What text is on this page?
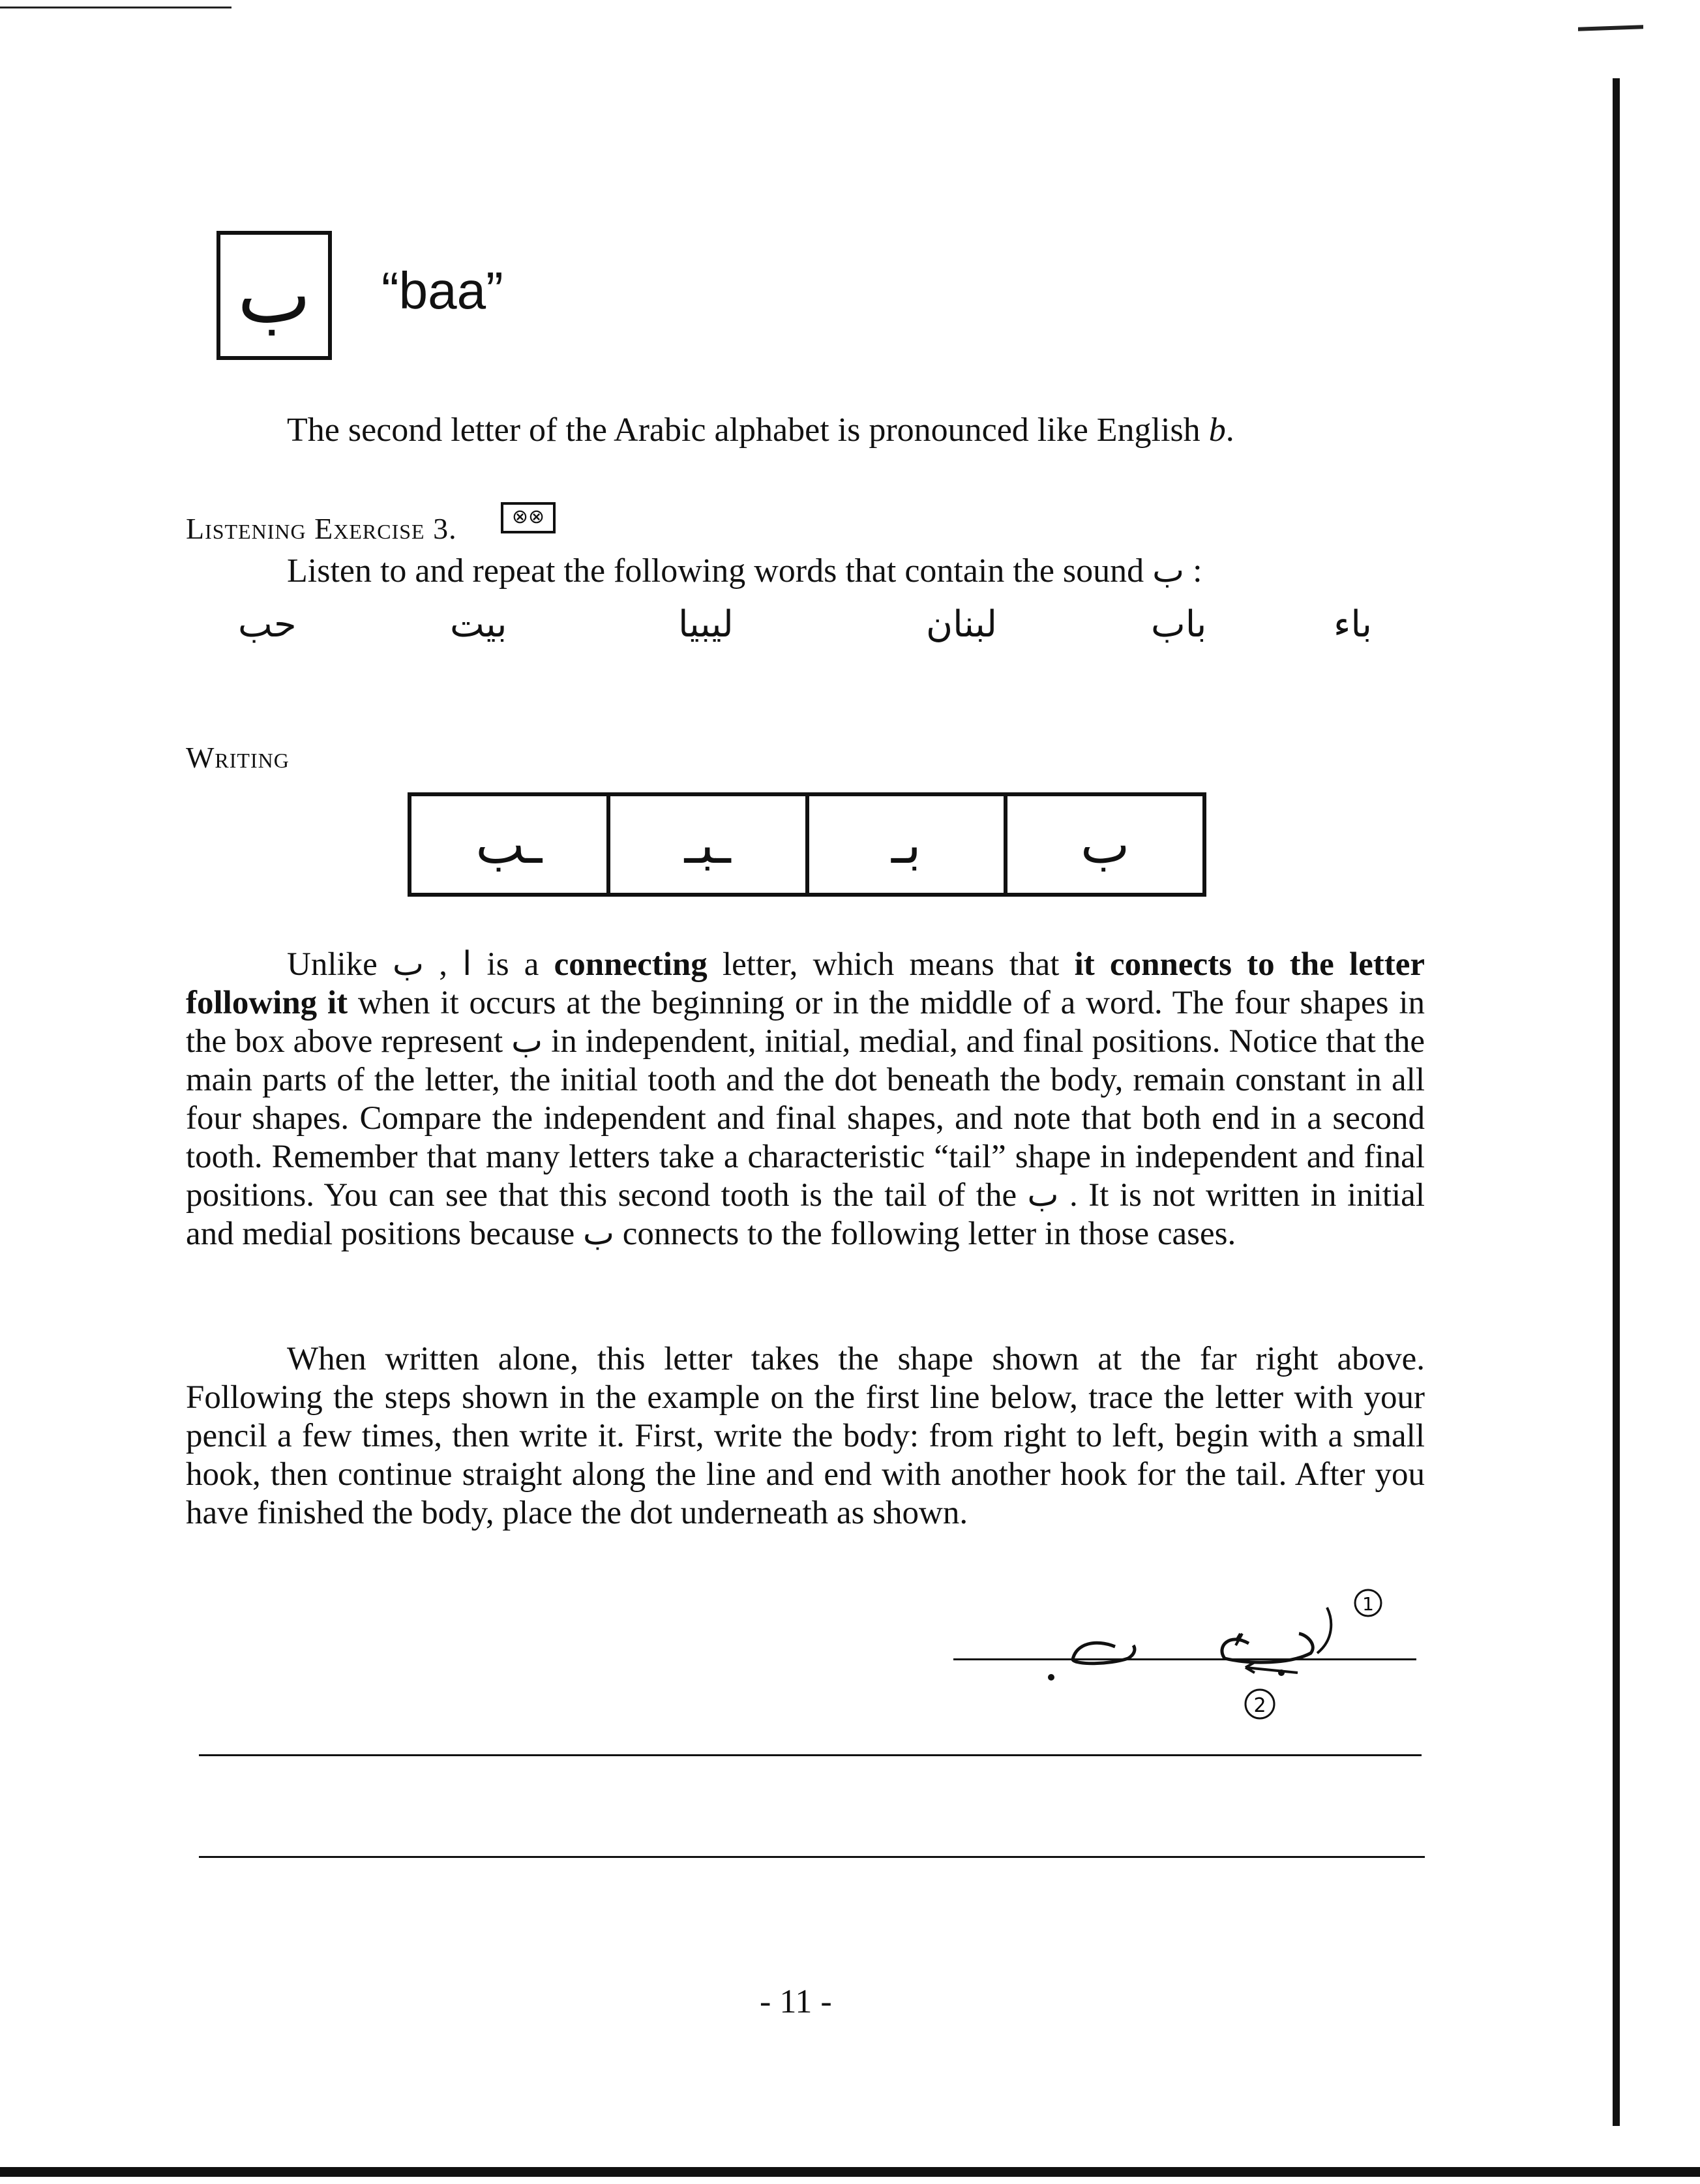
ب	“baa”
The second letter of the Arabic alphabet is pronounced like English b.
Listening Exercise 3.	⊗⊗
Listen to and repeat the following words that contain the sound ب :
حب	بيت	ليبيا	لبنان	باب	باء
Writing
ـب	ـبـ	بـ	ب
Unlike ا , ب is a connecting letter, which means that it connects to the letter following it when it occurs at the beginning or in the middle of a word. The four shapes in the box above represent ب in independent, initial, medial, and final positions. Notice that the main parts of the letter, the initial tooth and the dot beneath the body, remain constant in all four shapes. Compare the independent and final shapes, and note that both end in a second tooth. Remember that many letters take a characteristic “tail” shape in independent and final positions. You can see that this second tooth is the tail of the ب . It is not written in initial and medial positions because ب connects to the following letter in those cases.
When written alone, this letter takes the shape shown at the far right above. Following the steps shown in the example on the first line below, trace the letter with your pencil a few times, then write it. First, write the body: from right to left, begin with a small hook, then continue straight along the line and end with another hook for the tail. After you have finished the body, place the dot underneath as shown.
1
2
- 11 -
